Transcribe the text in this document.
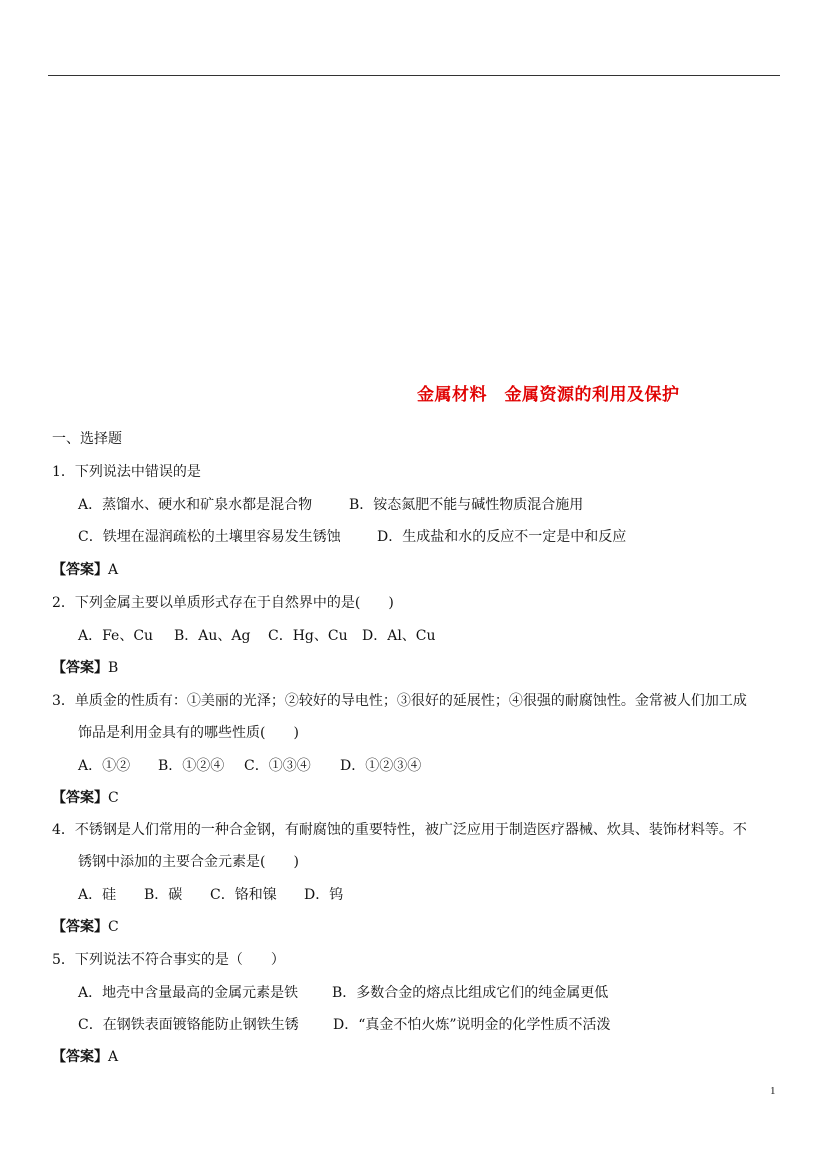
金属材料　金属资源的利用及保护
一、选择题
1．下列说法中错误的是
A．蒸馏水、硬水和矿泉水都是混合物	B．铵态氮肥不能与碱性物质混合施用
C．铁埋在湿润疏松的土壤里容易发生锈蚀	D．生成盐和水的反应不一定是中和反应
【答案】A
2．下列金属主要以单质形式存在于自然界中的是(　　)
A．Fe、Cu B．Au、Ag C．Hg、Cu D．Al、Cu
【答案】B
3．单质金的性质有：①美丽的光泽；②较好的导电性；③很好的延展性；④很强的耐腐蚀性。金常被人们加工成
饰品是利用金具有的哪些性质(　　)
A．①② B．①②④ C．①③④ D．①②③④
【答案】C
4．不锈钢是人们常用的一种合金钢，有耐腐蚀的重要特性，被广泛应用于制造医疗器械、炊具、装饰材料等。不
锈钢中添加的主要合金元素是(　　)
A．硅 B．碳 C．铬和镍 D．钨
【答案】C
5．下列说法不符合事实的是（　　）
A．地壳中含量最高的金属元素是铁 B．多数合金的熔点比组成它们的纯金属更低
C．在钢铁表面镀铬能防止钢铁生锈 D．“真金不怕火炼”说明金的化学性质不活泼
【答案】A
1
